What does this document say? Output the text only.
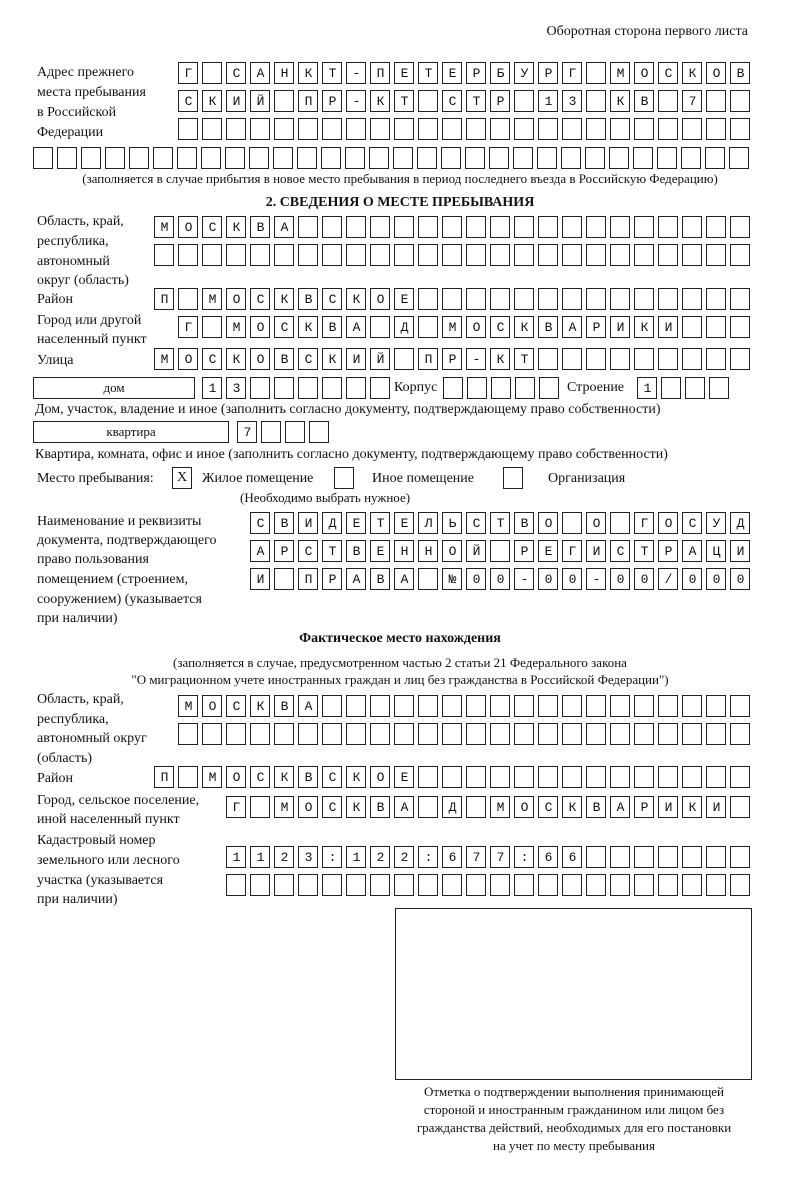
Оборотная сторона первого листа
Адрес прежнего
места пребывания
в Российской
Федерации
Г САНКТ-ПЕТЕРБУРГ МОСКОВ
СКИЙ ПР-КТ СТР 13 КВ 7

(заполняется в случае прибытия в новое место пребывания в период последнего въезда в Российскую Федерацию)
2. СВЕДЕНИЯ О МЕСТЕ ПРЕБЫВАНИЯ
Область, край,
республика,
автономный
округ (область)
МОСКВА

Район	П МОСКВСКОЕ
Город или другой
населенный пункт
Г МОСКВА Д МОСКВАРИКИ
Улица	МОСКОВСКИЙ ПР-КТ
дом	13
Корпус
	Строение	1
Дом, участок, владение и иное (заполнить согласно документу, подтверждающему право собственности)
квартира	7
Квартира, комната, офис и иное (заполнить согласно документу, подтверждающему право собственности)
Место пребывания:	X	Жилое помещение	Иное помещение	Организация
(Необходимо выбрать нужное)
Наименование и реквизиты
документа, подтверждающего
право пользования
помещением (строением,
сооружением) (указывается
при наличии)
СВИДЕТЕЛЬСТВО О ГОСУД
АРСТВЕННОЙ РЕГИСТРАЦИ
И ПРАВА №00-00-00/000
Фактическое место нахождения
(заполняется в случае, предусмотренном частью 2 статьи 21 Федерального закона
"О миграционном учете иностранных граждан и лиц без гражданства в Российской Федерации")
Область, край,
республика,
автономный округ
(область)
МОСКВА

Район	П МОСКВСКОЕ
Город, сельское поселение,
иной населенный пункт
Г МОСКВА Д МОСКВАРИКИ
Кадастровый номер
земельного или лесного
участка (указывается
при наличии)
1123:122:677:66

Отметка о подтверждении выполнения принимающей
стороной и иностранным гражданином или лицом без
гражданства действий, необходимых для его постановки
на учет по месту пребывания
